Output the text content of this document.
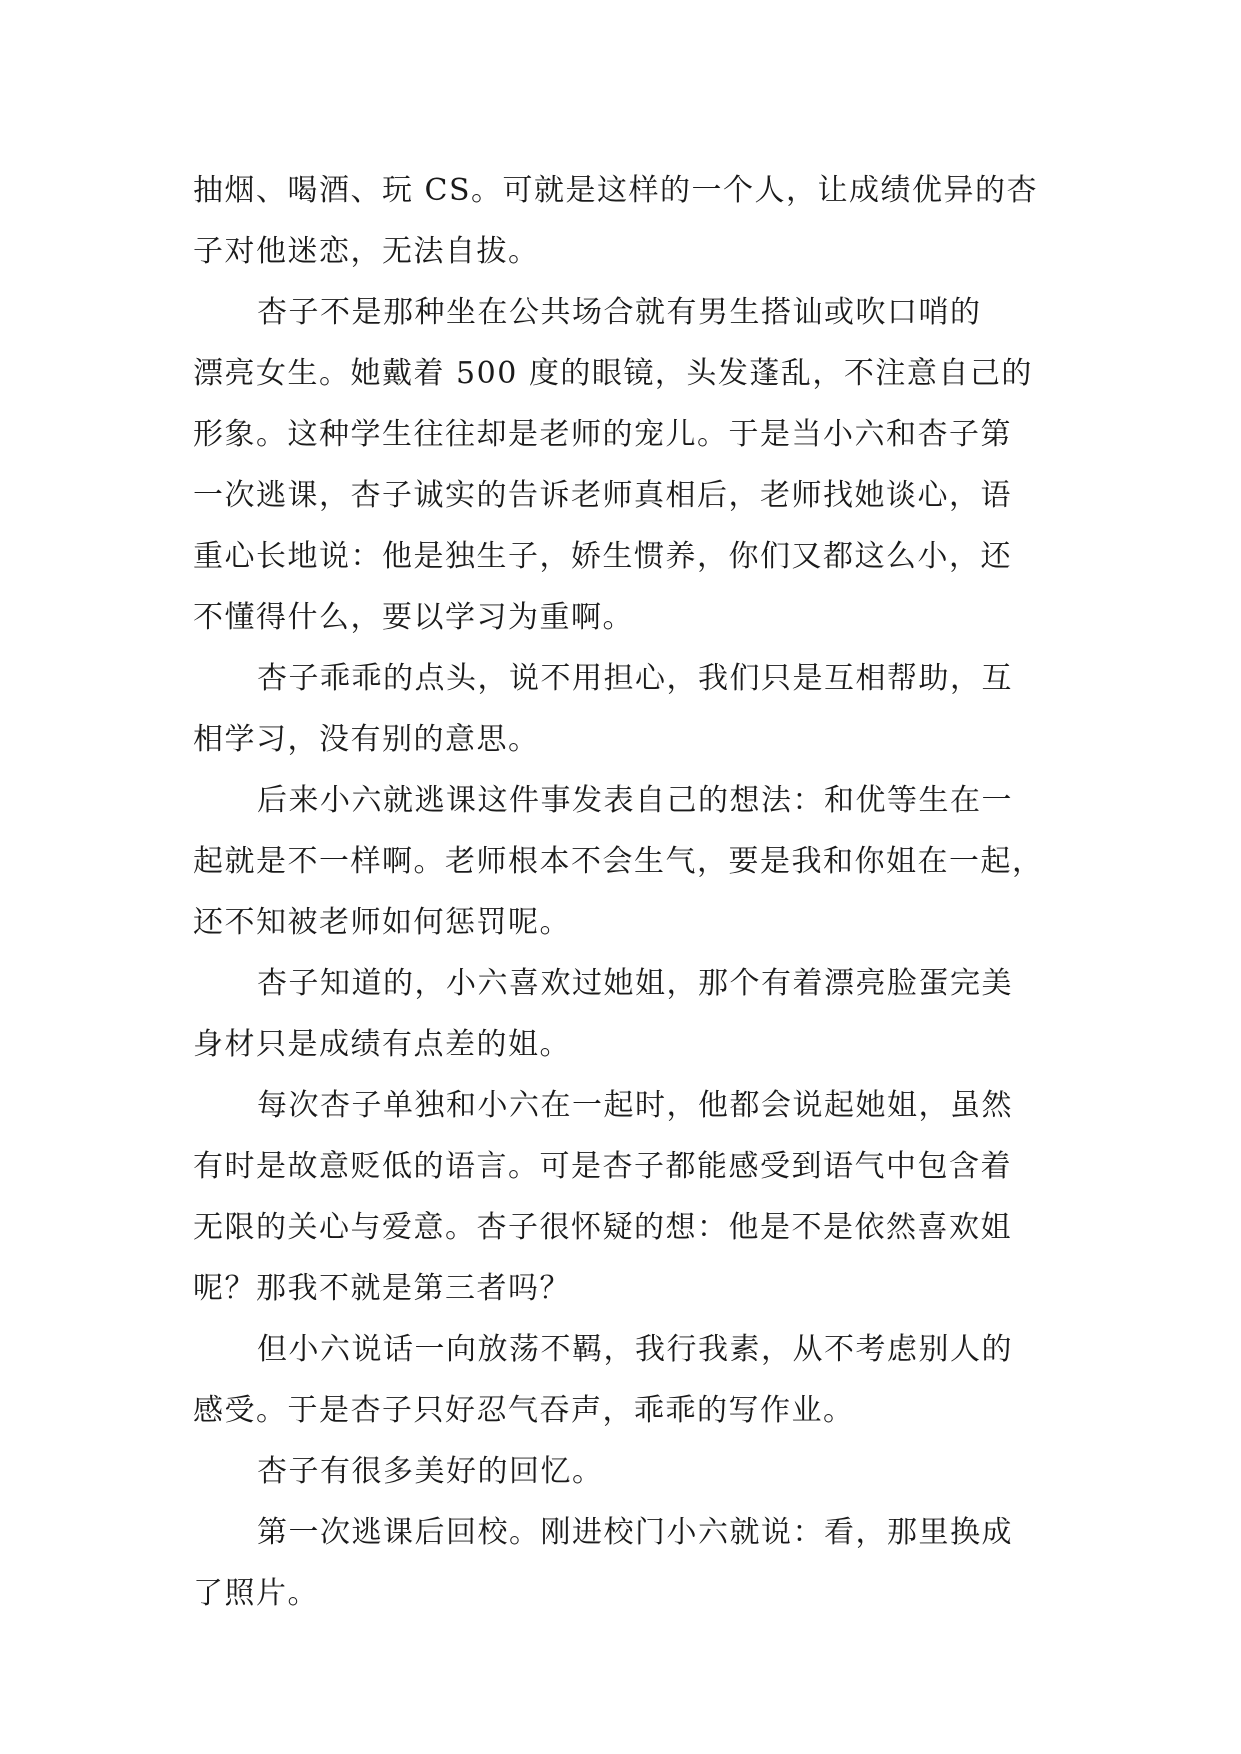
抽烟、喝酒、玩 CS。可就是这样的一个人，让成绩优异的杏
子对他迷恋，无法自拔。
杏子不是那种坐在公共场合就有男生搭讪或吹口哨的
漂亮女生。她戴着 500 度的眼镜，头发蓬乱，不注意自己的
形象。这种学生往往却是老师的宠儿。于是当小六和杏子第
一次逃课，杏子诚实的告诉老师真相后，老师找她谈心，语
重心长地说：他是独生子，娇生惯养，你们又都这么小，还
不懂得什么，要以学习为重啊。
杏子乖乖的点头，说不用担心，我们只是互相帮助，互
相学习，没有别的意思。
后来小六就逃课这件事发表自己的想法：和优等生在一
起就是不一样啊。老师根本不会生气，要是我和你姐在一起，
还不知被老师如何惩罚呢。
杏子知道的，小六喜欢过她姐，那个有着漂亮脸蛋完美
身材只是成绩有点差的姐。
每次杏子单独和小六在一起时，他都会说起她姐，虽然
有时是故意贬低的语言。可是杏子都能感受到语气中包含着
无限的关心与爱意。杏子很怀疑的想：他是不是依然喜欢姐
呢？那我不就是第三者吗？
但小六说话一向放荡不羁，我行我素，从不考虑别人的
感受。于是杏子只好忍气吞声，乖乖的写作业。
杏子有很多美好的回忆。
第一次逃课后回校。刚进校门小六就说：看，那里换成
了照片。
